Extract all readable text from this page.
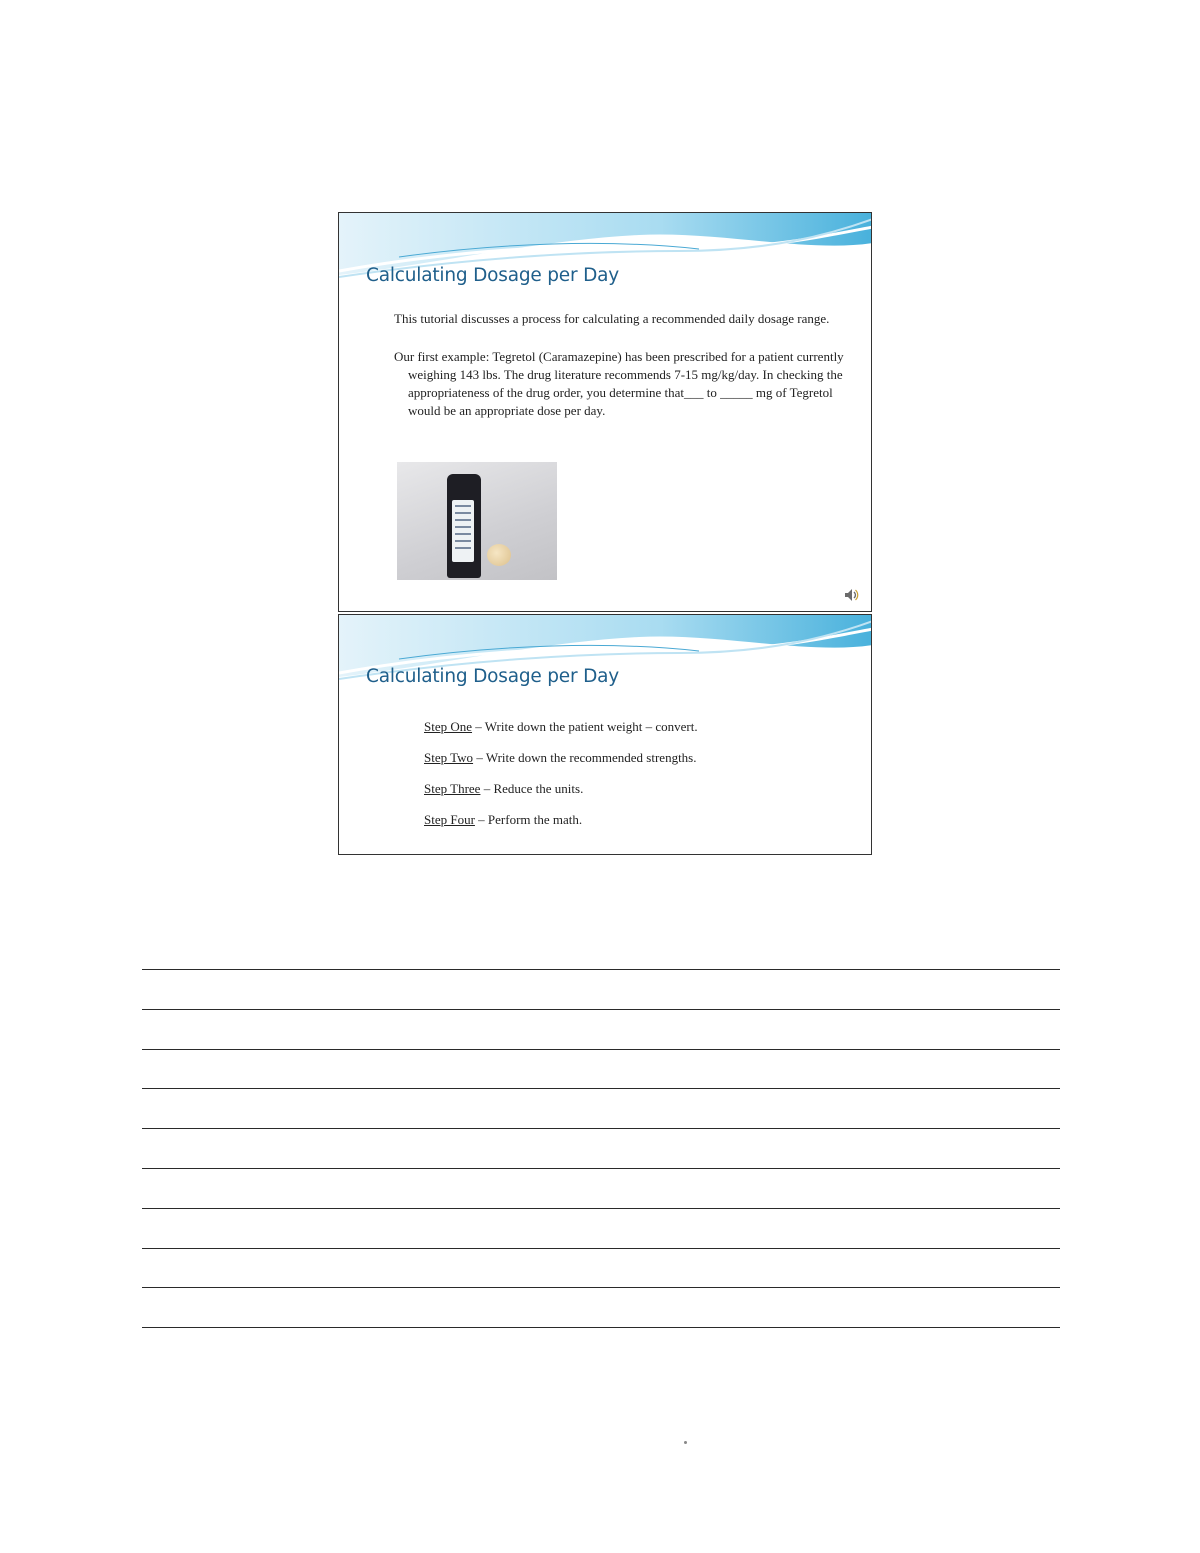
Calculating Dosage per Day

This tutorial discusses a process for calculating a recommended daily dosage range.

Our first example: Tegretol (Caramazepine) has been prescribed for a patient currently weighing 143 lbs. The drug literature recommends 7-15 mg/kg/day. In checking the appropriateness of the drug order, you determine that___ to _____ mg of Tegretol would be an appropriate dose per day.

Calculating Dosage per Day
Step One – Write down the patient weight – convert.
Step Two – Write down the recommended strengths.
Step Three – Reduce the units.
Step Four – Perform the math.
